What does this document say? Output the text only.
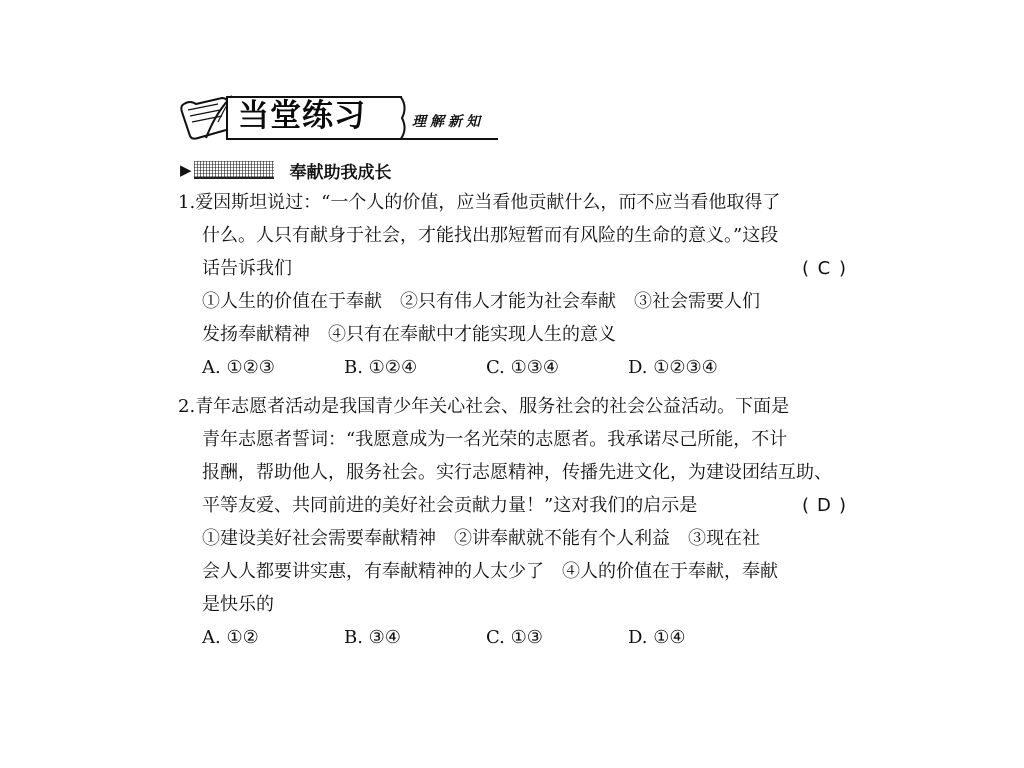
当堂练习	理解新知
▶	奉献助我成长
1.爱因斯坦说过：“一个人的价值，应当看他贡献什么，而不应当看他取得了
什么。人只有献身于社会，才能找出那短暂而有风险的生命的意义。”这段
话告诉我们	( C )
①人生的价值在于奉献　②只有伟人才能为社会奉献　③社会需要人们
发扬奉献精神　④只有在奉献中才能实现人生的意义
A. ①②③	B. ①②④	C. ①③④	D. ①②③④
2.青年志愿者活动是我国青少年关心社会、服务社会的社会公益活动。下面是
青年志愿者誓词：“我愿意成为一名光荣的志愿者。我承诺尽己所能，不计
报酬，帮助他人，服务社会。实行志愿精神，传播先进文化，为建设团结互助、
平等友爱、共同前进的美好社会贡献力量！”这对我们的启示是	( D )
①建设美好社会需要奉献精神　②讲奉献就不能有个人利益　③现在社
会人人都要讲实惠，有奉献精神的人太少了　④人的价值在于奉献，奉献
是快乐的
A. ①②	B. ③④	C. ①③	D. ①④
